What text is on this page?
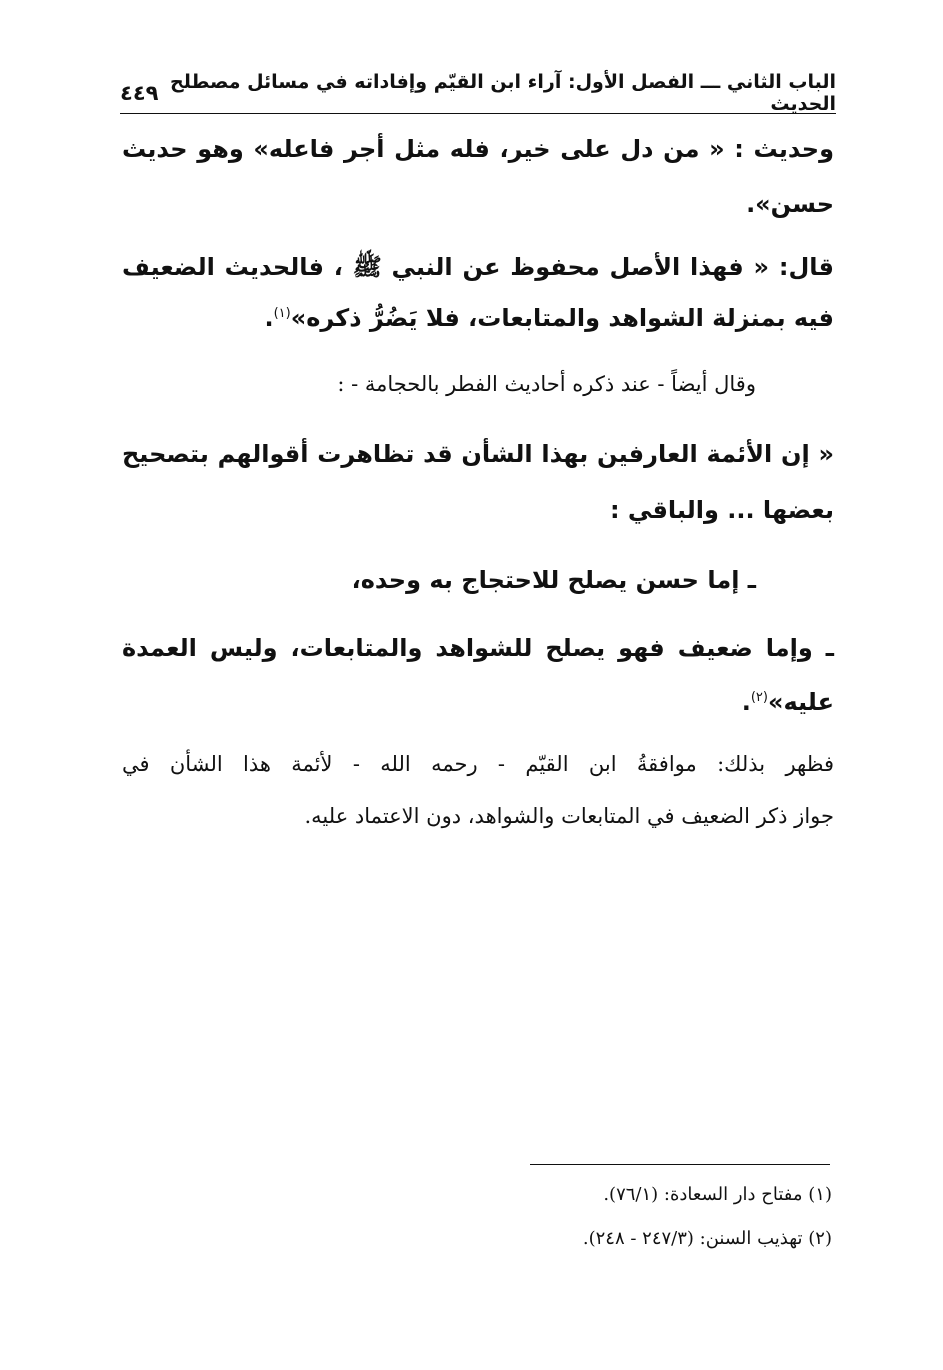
الباب الثاني ـــ الفصل الأول: آراء ابن القيّم وإفاداته في مسائل مصطلح الحديث
٤٤٩
وحديث : « من دل على خير، فله مثل أجر فاعله» وهو حديث
حسن».
قال: « فهذا الأصل محفوظ عن النبي ﷺ ، فالحديث الضعيف
فيه بمنزلة الشواهد والمتابعات، فلا يَضُرُّ ذكره»$^{(١)}$.
وقال أيضاً - عند ذكره أحاديث الفطر بالحجامة - :
« إن الأئمة العارفين بهذا الشأن قد تظاهرت أقوالهم بتصحيح
بعضها ... والباقي :
ـ إما حسن يصلح للاحتجاج به وحده،
ـ وإما ضعيف فهو يصلح للشواهد والمتابعات، وليس العمدة
عليه»$^{(٢)}$.
فظهر بذلك: موافقةُ ابن القيّم - رحمه الله - لأئمة هذا الشأن في
جواز ذكر الضعيف في المتابعات والشواهد، دون الاعتماد عليه.
(١) مفتاح دار السعادة: (٧٦/١).
(٢) تهذيب السنن: (٢٤٧/٣ - ٢٤٨).
